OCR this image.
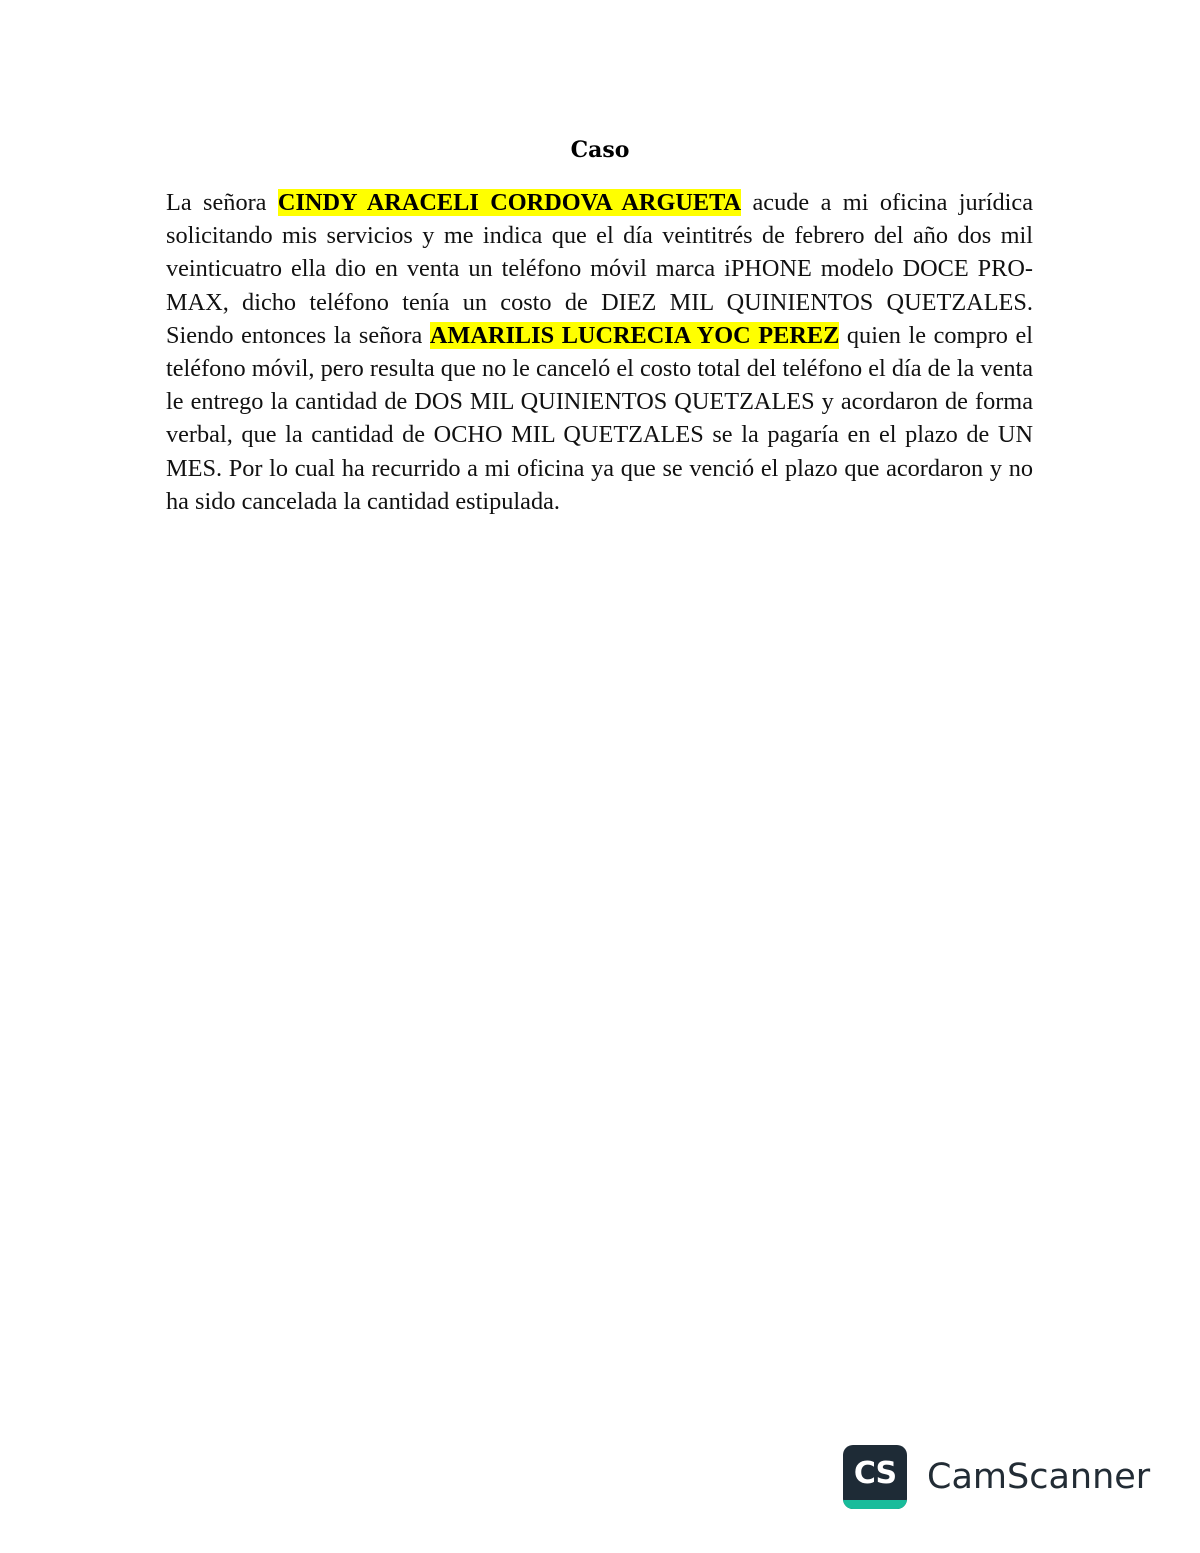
Caso

La señora CINDY ARACELI CORDOVA ARGUETA acude a mi oficina jurídica solicitando mis servicios y me indica que el día veintitrés de febrero del año dos mil veinticuatro ella dio en venta un teléfono móvil marca iPHONE modelo DOCE PRO-MAX, dicho teléfono tenía un costo de DIEZ MIL QUINIENTOS QUETZALES. Siendo entonces la señora AMARILIS LUCRECIA YOC PEREZ quien le compro el teléfono móvil, pero resulta que no le canceló el costo total del teléfono el día de la venta le entrego la cantidad de DOS MIL QUINIENTOS QUETZALES y acordaron de forma verbal, que la cantidad de OCHO MIL QUETZALES se la pagaría en el plazo de UN MES. Por lo cual ha recurrido a mi oficina ya que se venció el plazo que acordaron y no ha sido cancelada la cantidad estipulada.

CS CamScanner
